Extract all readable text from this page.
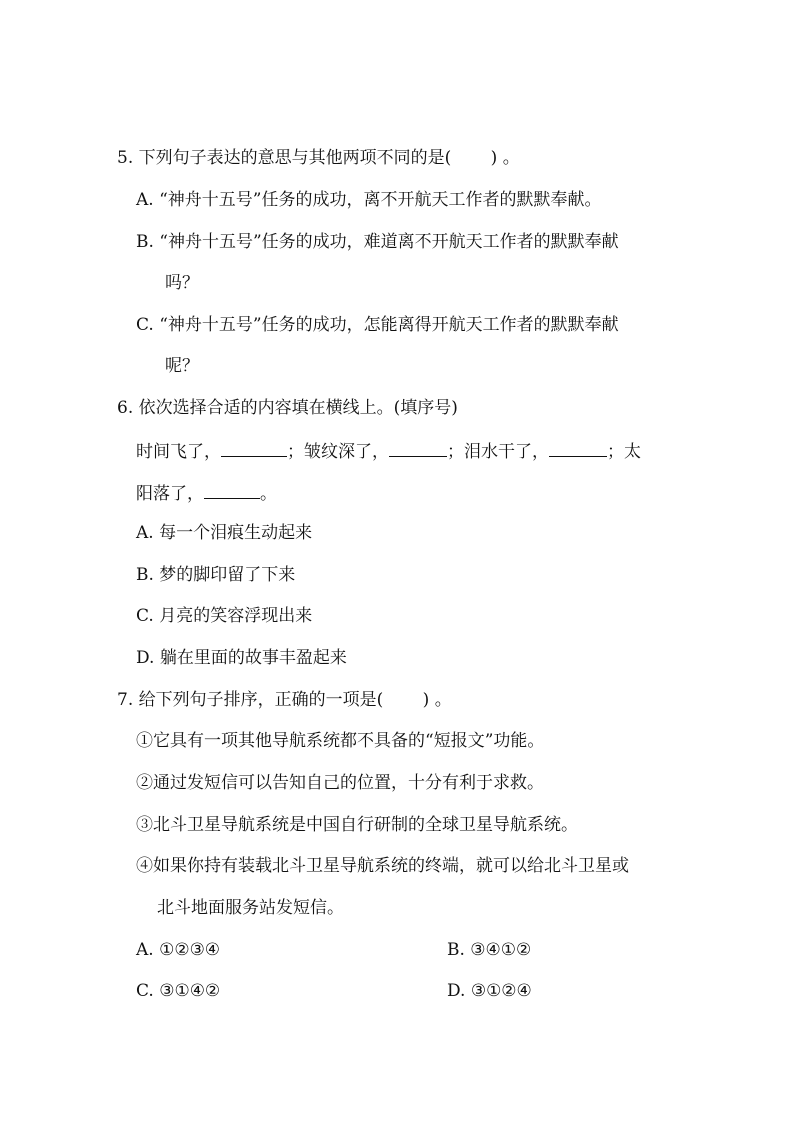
5. 下列句子表达的意思与其他两项不同的是(　　 ) 。
A. “神舟十五号”任务的成功，离不开航天工作者的默默奉献。
B. “神舟十五号”任务的成功，难道离不开航天工作者的默默奉献
吗？
C. “神舟十五号”任务的成功，怎能离得开航天工作者的默默奉献
呢？
6. 依次选择合适的内容填在横线上。(填序号)
时间飞了，	；皱纹深了，	；泪水干了，	；太
阳落了，	。
A. 每一个泪痕生动起来
B. 梦的脚印留了下来
C. 月亮的笑容浮现出来
D. 躺在里面的故事丰盈起来
7. 给下列句子排序，正确的一项是(　　 ) 。
①它具有一项其他导航系统都不具备的“短报文”功能。
②通过发短信可以告知自己的位置，十分有利于求救。
③北斗卫星导航系统是中国自行研制的全球卫星导航系统。
④如果你持有装载北斗卫星导航系统的终端，就可以给北斗卫星或
北斗地面服务站发短信。
A. ①②③④	B. ③④①②
C. ③①④②	D. ③①②④
